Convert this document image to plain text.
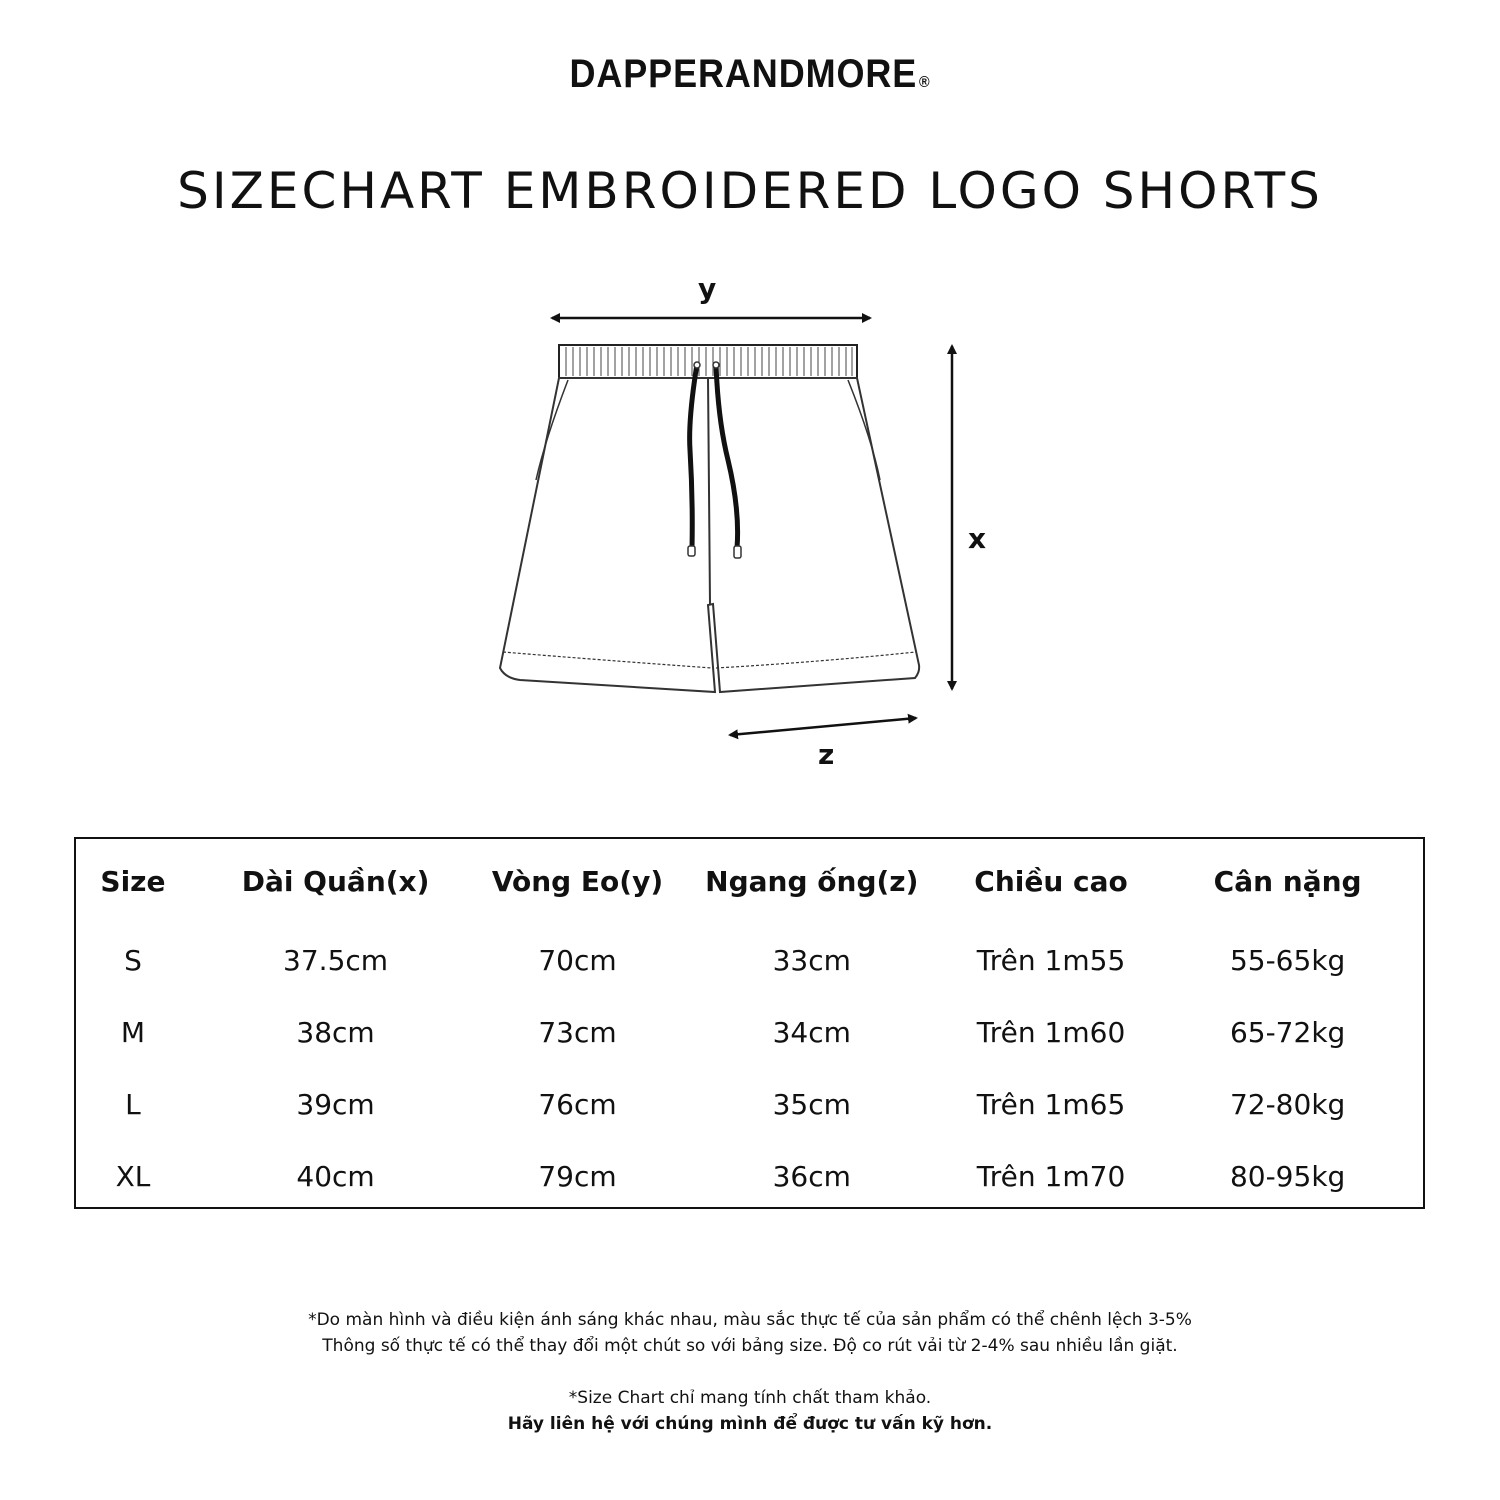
DAPPERANDMORE ®
SIZECHART EMBROIDERED LOGO SHORTS
y
x
z
Size	Dài Quần(x)	Vòng Eo(y)	Ngang ống(z)	Chiều cao	Cân nặng
S	37.5cm	70cm	33cm	Trên 1m55	55-65kg
M	38cm	73cm	34cm	Trên 1m60	65-72kg
L	39cm	76cm	35cm	Trên 1m65	72-80kg
XL	40cm	79cm	36cm	Trên 1m70	80-95kg
*Do màn hình và điều kiện ánh sáng khác nhau, màu sắc thực tế của sản phẩm có thể chênh lệch 3-5%
Thông số thực tế có thể thay đổi một chút so với bảng size. Độ co rút vải từ 2-4% sau nhiều lần giặt.
*Size Chart chỉ mang tính chất tham khảo.
Hãy liên hệ với chúng mình để được tư vấn kỹ hơn.
